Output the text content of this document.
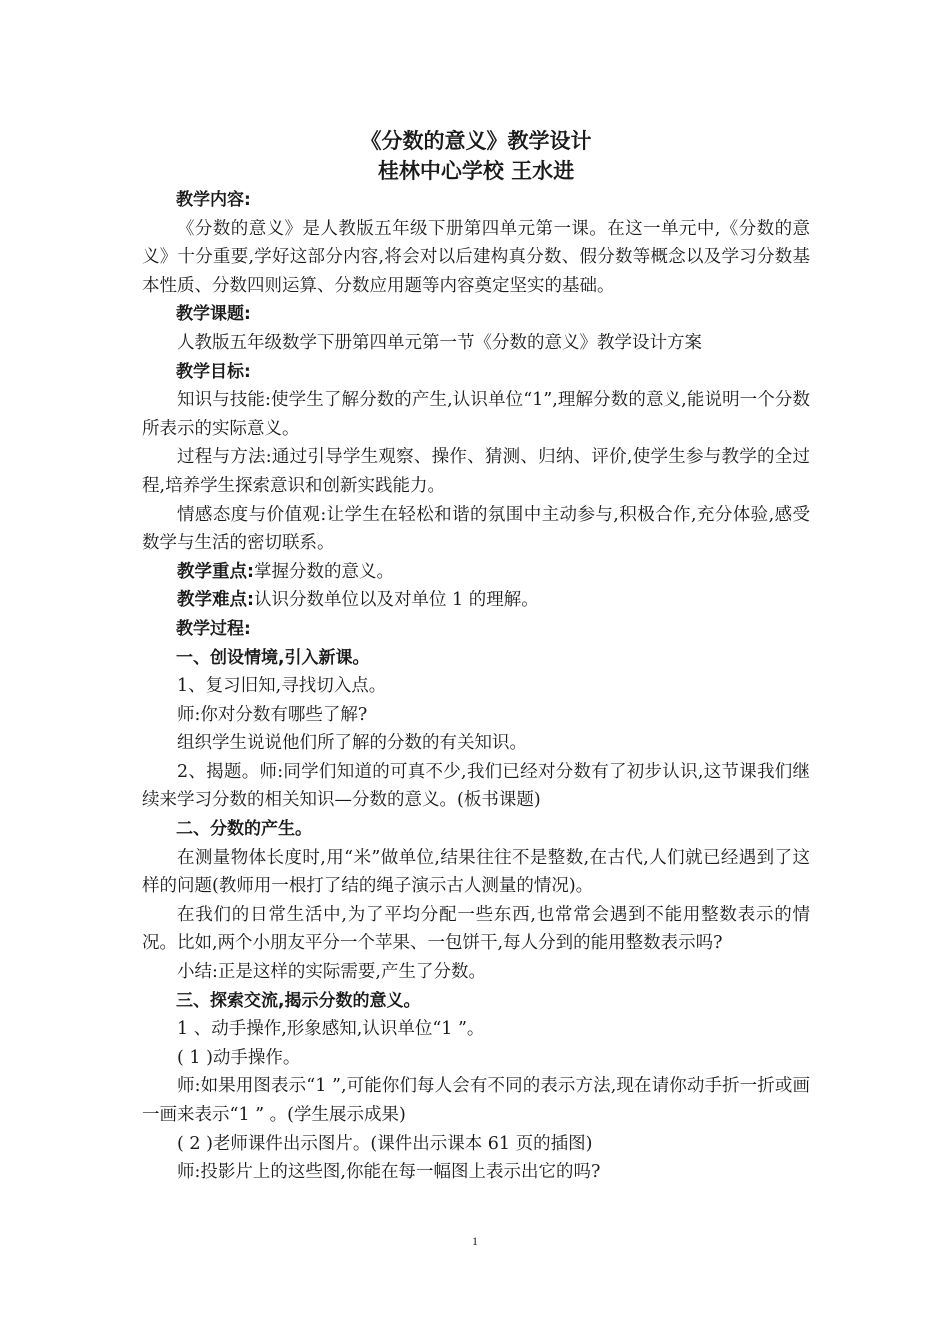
《分数的意义》教学设计
桂林中心学校 王水进
教学内容:
《分数的意义》是人教版五年级下册第四单元第一课。在这一单元中,《分数的意义》十分重要,学好这部分内容,将会对以后建构真分数、假分数等概念以及学习分数基本性质、分数四则运算、分数应用题等内容奠定坚实的基础。
教学课题:
人教版五年级数学下册第四单元第一节《分数的意义》教学设计方案
教学目标:
知识与技能:使学生了解分数的产生,认识单位“1”,理解分数的意义,能说明一个分数所表示的实际意义。
过程与方法:通过引导学生观察、操作、猜测、归纳、评价,使学生参与教学的全过程,培养学生探索意识和创新实践能力。
情感态度与价值观:让学生在轻松和谐的氛围中主动参与,积极合作,充分体验,感受数学与生活的密切联系。
教学重点:掌握分数的意义。
教学难点:认识分数单位以及对单位 1 的理解。
教学过程:
一、创设情境,引入新课。
1、复习旧知,寻找切入点。
师:你对分数有哪些了解?
组织学生说说他们所了解的分数的有关知识。
2、揭题。师:同学们知道的可真不少,我们已经对分数有了初步认识,这节课我们继续来学习分数的相关知识—分数的意义。(板书课题)
二、分数的产生。
在测量物体长度时,用“米”做单位,结果往往不是整数,在古代,人们就已经遇到了这样的问题(教师用一根打了结的绳子演示古人测量的情况)。
在我们的日常生活中,为了平均分配一些东西,也常常会遇到不能用整数表示的情况。比如,两个小朋友平分一个苹果、一包饼干,每人分到的能用整数表示吗?
小结:正是这样的实际需要,产生了分数。
三、探索交流,揭示分数的意义。
1 、动手操作,形象感知,认识单位“1 ”。
( 1 )动手操作。
师:如果用图表示“1 ”,可能你们每人会有不同的表示方法,现在请你动手折一折或画一画来表示“1 ” 。(学生展示成果)
( 2 )老师课件出示图片。(课件出示课本 61 页的插图)
师:投影片上的这些图,你能在每一幅图上表示出它的吗?
1
